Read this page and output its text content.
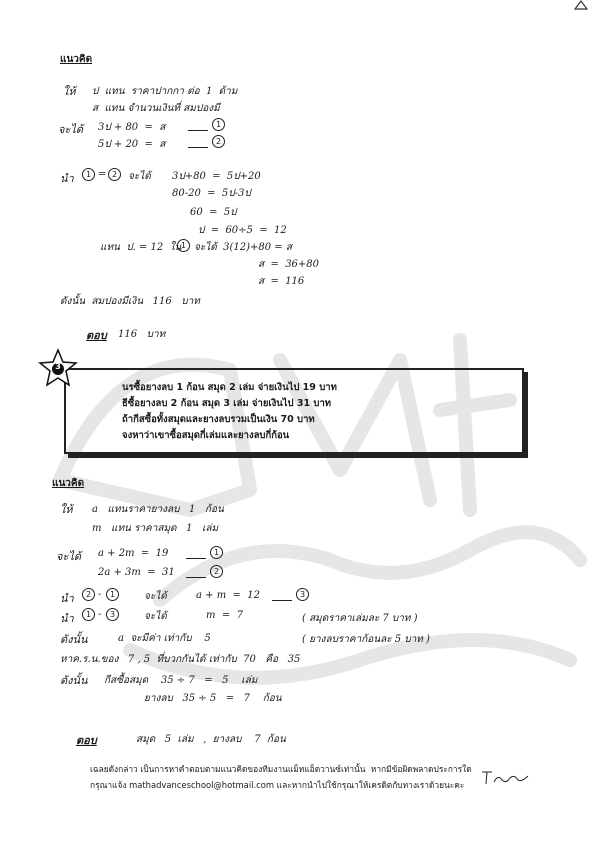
แนวคิด
ให้ ป  แทน  ราคาปากกา ต่อ  1  ด้าม
ส  แทน จำนวนเงินที่ สมปองมี
จะได้ 3ป + 80  =  ส	1
5ป + 20  =  ส	2
นำ	1 = 2	จะได้ 3ป+80  =  5ป+20
80-20  =  5ป-3ป
60  =  5ป
ป  =  60÷5  =  12
แทน  ป. = 12  ใน 1 จะได้  3(12)+80 = ส
ส  =  36+80
ส  =  116
ดังนั้น  สมปองมีเงิน   116   บาท
ตอบ 116   บาท
นรซื้อยางลบ 1 ก้อน สมุด 2 เล่ม จ่ายเงินไป 19 บาท
ธีซื้อยางลบ 2 ก้อน สมุด 3 เล่ม จ่ายเงินไป 31 บาท
ถ้ากีสซื้อทั้งสมุดและยางลบรวมเป็นเงิน 70 บาท
จงหาว่าเขาซื้อสมุดกี่เล่มและยางลบกี่ก้อน
3
แนวคิด
ให้ a   แทนราคายางลบ   1   ก้อน
m   แทน ราคาสมุด   1   เล่ม
จะได้ a + 2m  =  19	1
2a + 3m  =  31	2
นำ	2 -	1	จะได้	a + m  =  12	3
นำ	1 -	3	จะได้	m  =  7	( สมุดราคาเล่มละ 7 บาท )
ดังนั้น	a  จะมีค่า เท่ากับ    5	( ยางลบราคาก้อนละ 5 บาท )
หาค.ร.น.ของ   7 , 5  ที่บวกกันได้ เท่ากับ  70   คือ   35
ดังนั้น กีสซื้อสมุด    35 ÷ 7   =   5    เล่ม
ยางลบ   35 ÷ 5   =   7    ก้อน
ตอบ	สมุด   5  เล่ม   ,  ยางลบ    7  ก้อน
เฉลยดังกล่าว เป็นการหาคำตอบตามแนวคิดของทีมงานแม็ทแอ็ดวานซ์เท่านั้น  หากมีข้อผิดพลาดประการใด
กรุณาแจ้ง mathadvanceschool@hotmail.com และหากนำไปใช้กรุณาให้เครดิตกับทางเราด้วยนะคะ
